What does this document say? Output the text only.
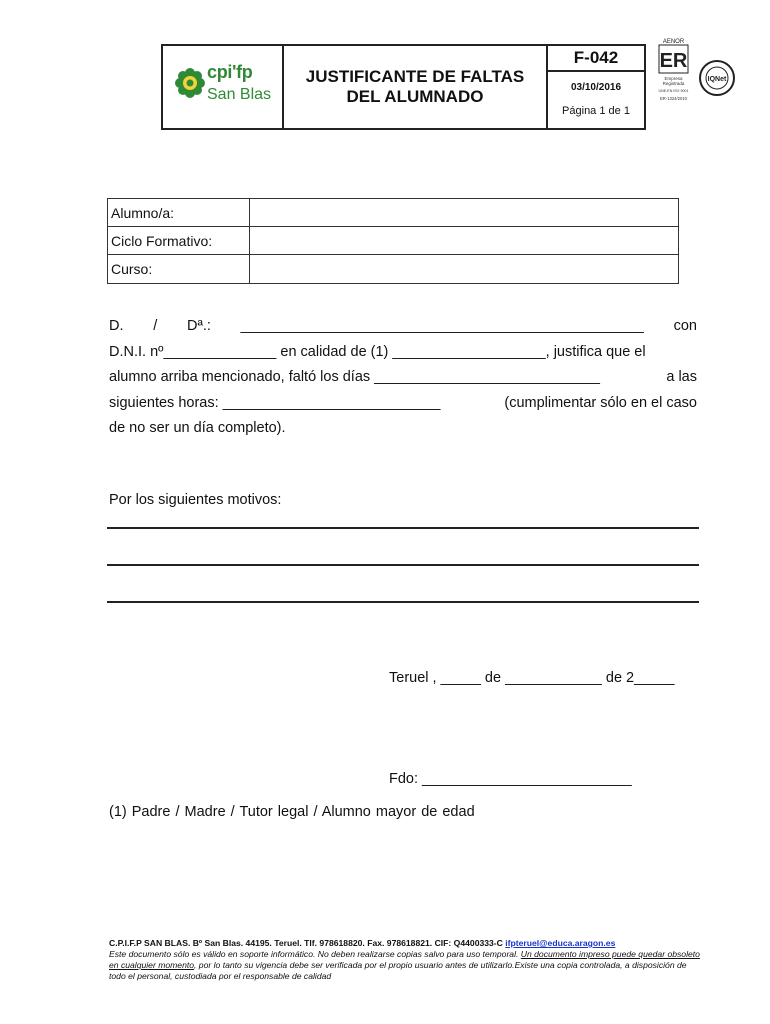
cpi'fp
San Blas
JUSTIFICANTE DE FALTAS
DEL ALUMNADO
F-042
03/10/2016
Página 1 de 1
AENOR
ER
Empresa
Registrada
UNE-EN ISO 9001
ER-1324/2010
IQNet
Alumno/a:
Ciclo Formativo:
Curso:
D. / Dª.: __________________________________________________ con
D.N.I. nº______________ en calidad de (1) ___________________, justifica que el
alumno arriba mencionado, faltó los días ____________________________	a las
siguientes horas: ___________________________	(cumplimentar sólo en el caso
de no ser un día completo).
Por los siguientes motivos:
Teruel , _____ de ____________ de 2_____
Fdo: __________________________
(1) Padre / Madre / Tutor legal / Alumno mayor de edad
C.P.I.F.P SAN BLAS. Bº San Blas. 44195. Teruel. Tlf. 978618820. Fax. 978618821. CIF: Q4400333-C ifpteruel@educa.aragon.es
Este documento sólo es válido en soporte informático. No deben realizarse copias salvo para uso temporal. Un documento impreso puede quedar obsoleto en cualquier momento, por lo tanto su vigencia debe ser verificada por el propio usuario antes de utilizarlo.Existe una copia controlada, a disposición de todo el personal, custodiada por el responsable de calidad
